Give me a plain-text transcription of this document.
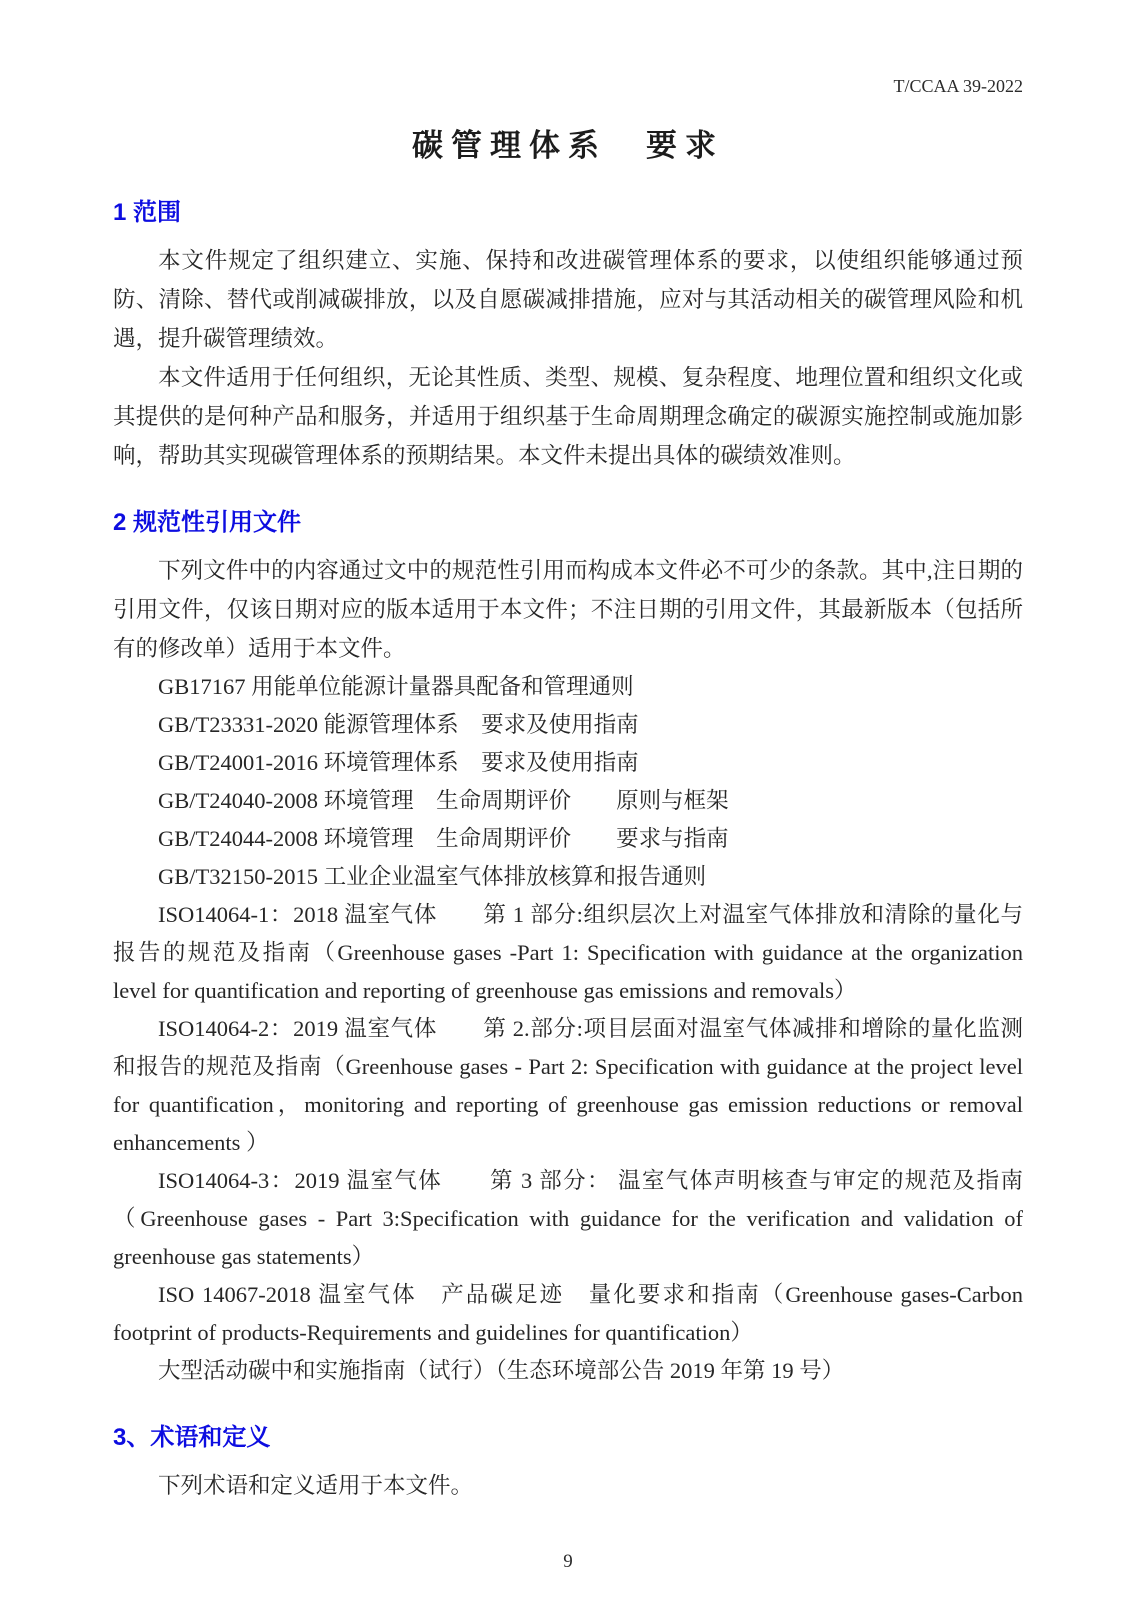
T/CCAA 39-2022
碳管理体系　要求
1 范围

本文件规定了组织建立、实施、保持和改进碳管理体系的要求，以使组织能够通过预防、清除、替代或削减碳排放，以及自愿碳减排措施，应对与其活动相关的碳管理风险和机遇，提升碳管理绩效。

本文件适用于任何组织，无论其性质、类型、规模、复杂程度、地理位置和组织文化或其提供的是何种产品和服务，并适用于组织基于生命周期理念确定的碳源实施控制或施加影响，帮助其实现碳管理体系的预期结果。本文件未提出具体的碳绩效准则。

2 规范性引用文件

下列文件中的内容通过文中的规范性引用而构成本文件必不可少的条款。其中,注日期的引用文件，仅该日期对应的版本适用于本文件；不注日期的引用文件，其最新版本（包括所有的修改单）适用于本文件。

GB17167 用能单位能源计量器具配备和管理通则

GB/T23331-2020 能源管理体系　要求及使用指南

GB/T24001-2016 环境管理体系　要求及使用指南

GB/T24040-2008 环境管理　生命周期评价　　原则与框架

GB/T24044-2008 环境管理　生命周期评价　　要求与指南

GB/T32150-2015 工业企业温室气体排放核算和报告通则

ISO14064-1：2018 温室气体　　第 1 部分:组织层次上对温室气体排放和清除的量化与报告的规范及指南（Greenhouse gases -Part 1: Specification with guidance at the organization level for quantification and reporting of greenhouse gas emissions and removals）

ISO14064-2：2019 温室气体　　第 2.部分:项目层面对温室气体减排和增除的量化监测和报告的规范及指南（Greenhouse gases - Part 2: Specification with guidance at the project level for quantification，monitoring and reporting of greenhouse gas emission reductions or removal enhancements ）

ISO14064-3：2019 温室气体　　第 3 部分： 温室气体声明核查与审定的规范及指南（Greenhouse gases - Part 3:Specification with guidance for the verification and validation of greenhouse gas statements）

ISO 14067-2018 温室气体　产品碳足迹　量化要求和指南（Greenhouse gases-Carbon footprint of products-Requirements and guidelines for quantification）

大型活动碳中和实施指南（试行）（生态环境部公告 2019 年第 19 号）

3、术语和定义

下列术语和定义适用于本文件。

9
